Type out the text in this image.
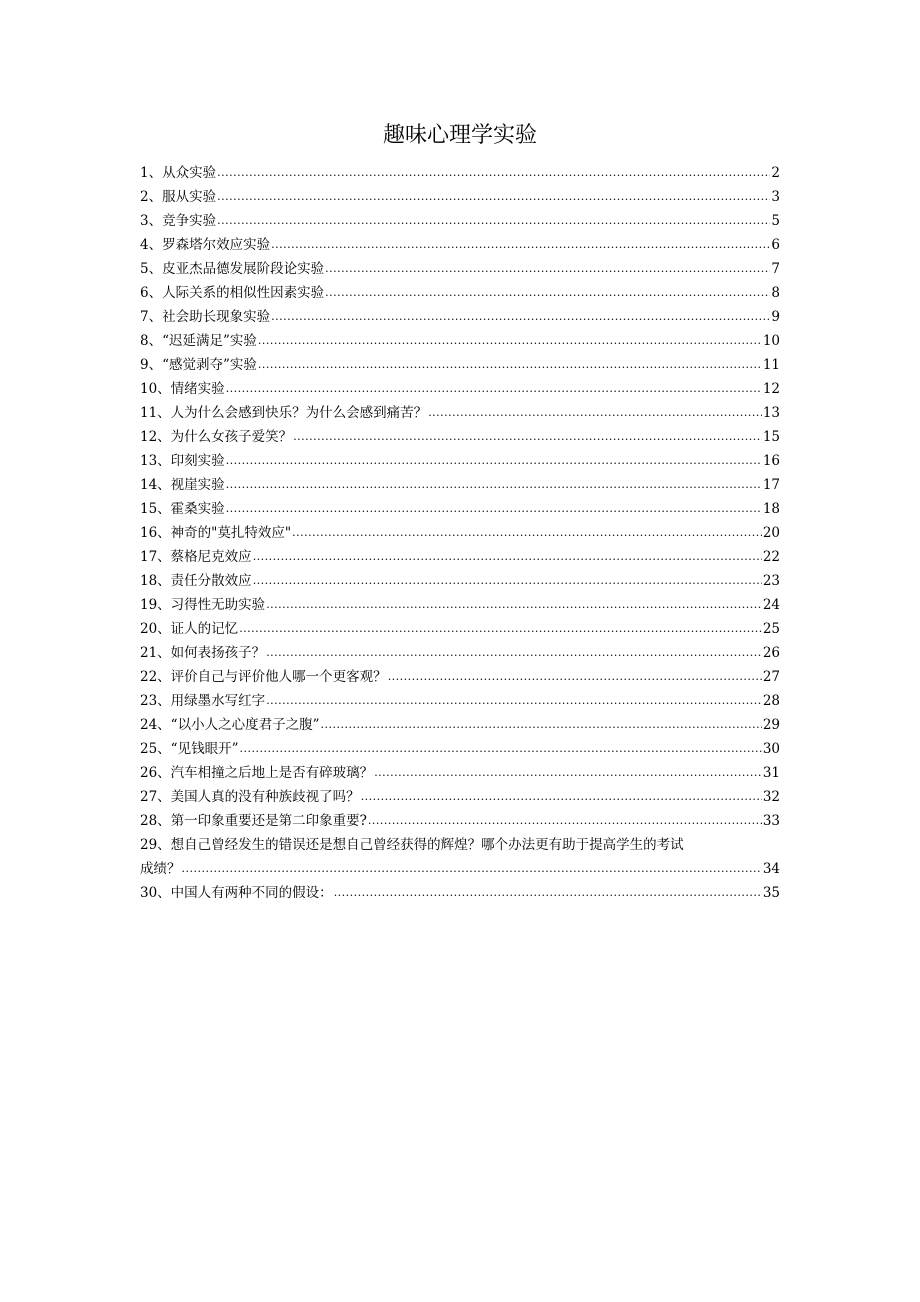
趣味心理学实验
1、从众实验 .....	2
2、服从实验 .....	3
3、竞争实验 .....	5
4、罗森塔尔效应实验 .....	6
5、皮亚杰品德发展阶段论实验 .....	7
6、人际关系的相似性因素实验 .....	8
7、社会助长现象实验 .....	9
8、“迟延满足”实验 .....	10
9、“感觉剥夺”实验 .....	11
10、情绪实验 .....	12
11、人为什么会感到快乐？为什么会感到痛苦？ .....	13
12、为什么女孩子爱笑？ .....	15
13、印刻实验 .....	16
14、视崖实验 .....	17
15、霍桑实验 .....	18
16、神奇的"莫扎特效应" .....	20
17、蔡格尼克效应 .....	22
18、责任分散效应 .....	23
19、习得性无助实验 .....	24
20、证人的记忆 .....	25
21、如何表扬孩子？ .....	26
22、评价自己与评价他人哪一个更客观？ .....	27
23、用绿墨水写红字 .....	28
24、“以小人之心度君子之腹” .....	29
25、“见钱眼开” .....	30
26、汽车相撞之后地上是否有碎玻璃？ .....	31
27、美国人真的没有种族歧视了吗？ .....	32
28、第一印象重要还是第二印象重要? .....	33
29、想自己曾经发生的错误还是想自己曾经获得的辉煌？哪个办法更有助于提高学生的考试
成绩？ .....	34
30、中国人有两种不同的假设： .....	35
